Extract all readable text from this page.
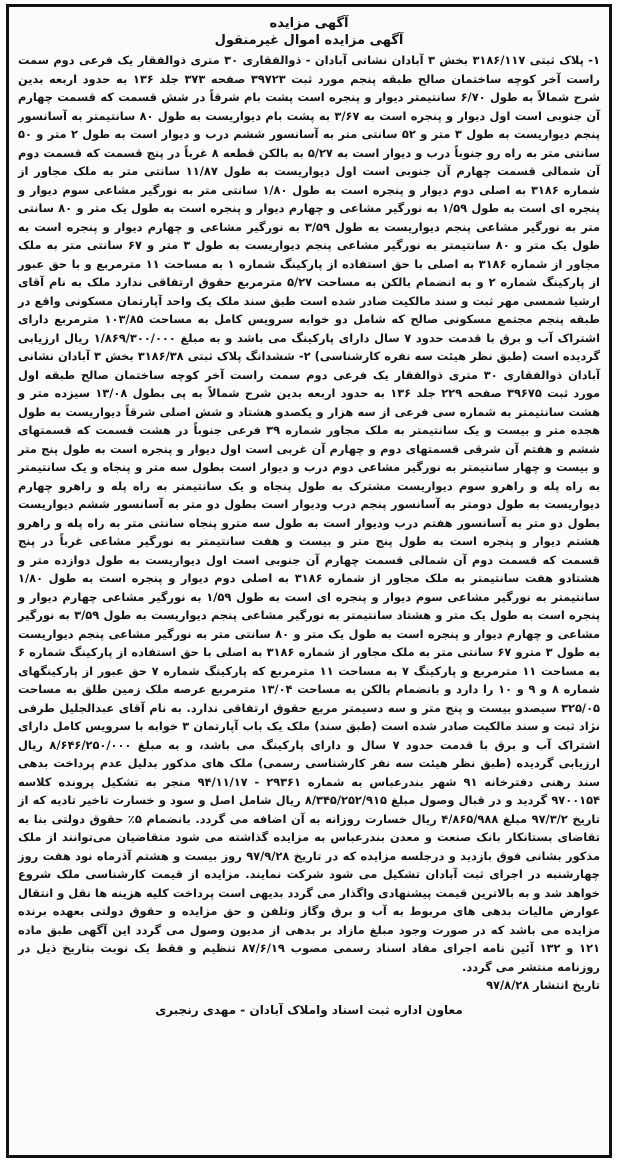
آگهی مزایده

آگهی مزایده اموال غیرمنقول

۱- پلاک ثبتی ۳۱۸۶/۱۱۷ بخش ۳ آبادان نشانی آبادان - ذوالفقاری ۳۰ متری ذوالفقار یک فرعی دوم سمت راست آخر کوچه ساختمان صالح طبقه پنجم مورد ثبت ۳۹۷۲۳ صفحه ۳۷۳ جلد ۱۳۶ به حدود اربعه بدین شرح شمالاً به طول ۶/۷۰ سانتیمتر دیوار و پنجره است پشت بام شرقاً در شش قسمت که قسمت چهارم آن جنوبی است اول دیوار و پنجره است به ۳/۶۷ به پشت بام دیواریست به طول ۸۰ سانتیمتر به آسانسور پنجم دیواریست به طول ۳ متر و ۵۲ سانتی متر به آسانسور ششم درب و دیوار است به طول ۲ متر و ۵۰ سانتی متر به راه رو جنوباً درب و دیوار است به ۵/۲۷ به بالکن قطعه ۸ غرباً در پنج قسمت که قسمت دوم آن شمالی قسمت چهارم آن جنوبی است اول دیواریست به طول ۱۱/۸۷ سانتی متر به ملک مجاور از شماره ۳۱۸۶ به اصلی دوم دیوار و پنجره است به طول ۱/۸۰ سانتی متر به نورگیر مشاعی سوم دیوار و پنجره ای است به طول ۱/۵۹ به نورگیر مشاعی و چهارم دیوار و پنجره است به طول یک متر و ۸۰ سانتی متر به نورگیر مشاعی پنجم دیواریست به طول ۳/۵۹ به نورگیر مشاعی و چهارم دیوار و پنجره است به طول یک متر و ۸۰ سانتیمتر به نورگیر مشاعی پنجم دیواریست به طول ۳ متر و ۶۷ سانتی متر به ملک مجاور از شماره ۳۱۸۶ به اصلی با حق استفاده از پارکینگ شماره ۱ به مساحت ۱۱ مترمربع و با حق عبور از پارکینگ شماره ۲ و به انضمام بالکن به مساحت ۵/۲۷ مترمربع حقوق ارتفاقی ندارد ملک به نام آقای ارشیا شمسی مهر ثبت و سند مالکیت صادر شده است طبق سند ملک یک واحد آپارتمان مسکونی واقع در طبقه پنجم مجتمع مسکونی صالح که شامل دو خوابه سرویس کامل به مساحت ۱۰۳/۸۵ مترمربع دارای اشتراک آب و برق با قدمت حدود ۷ سال دارای پارکینگ می باشد و به مبلغ ۱/۸۶۹/۳۰۰/۰۰۰ ریال ارزیابی گردیده است (طبق نظر هیئت سه نفره کارشناسی) ۲- ششدانگ پلاک ثبتی ۳۱۸۶/۳۸ بخش ۳ آبادان نشانی آبادان ذوالفقاری ۳۰ متری ذوالفقار یک فرعی دوم سمت راست آخر کوچه ساختمان صالح طبقه اول مورد ثبت ۳۹۶۷۵ صفحه ۲۲۹ جلد ۱۳۶ به حدود اربعه بدین شرح شمالاً به پی بطول ۱۳/۰۸ سیزده متر و هشت سانتیمتر به شماره سی فرعی از سه هزار و یکصدو هشتاد و شش اصلی شرقاً دیواریست به طول هجده متر و بیست و یک سانتیمتر به ملک مجاور شماره ۳۹ فرعی جنوباً در هشت قسمت که قسمتهای ششم و هفتم آن شرقی قسمتهای دوم و چهارم آن غربی است اول دیوار و پنجره است به طول پنج متر و بیست و چهار سانتیمتر به نورگیر مشاعی دوم درب و دیوار است بطول سه متر و پنجاه و یک سانتیمتر به راه پله و راهرو سوم دیواریست مشترک به طول پنجاه و یک سانتیمتر به راه پله و راهرو چهارم دیواریست به طول دومتر به آسانسور پنجم درب ودیوار است بطول دو متر به آسانسور ششم دیواریست بطول دو متر به آسانسور هفتم درب ودیوار است به طول سه مترو پنجاه سانتی متر به راه پله و راهرو هشتم دیوار و پنجره است به طول پنج متر و بیست و هفت سانتیمتر به نورگیر مشاعی غرباً در پنج قسمت که قسمت دوم آن شمالی قسمت چهارم آن جنوبی است اول دیواریست به طول دوازده متر و هشتادو هفت سانتیمتر به ملک مجاور از شماره ۳۱۸۶ به اصلی دوم دیوار و پنجره است به طول ۱/۸۰ سانتیمتر به نورگیر مشاعی سوم دیوار و پنجره ای است به طول ۱/۵۹ به نورگیر مشاعی چهارم دیوار و پنجره است به طول یک متر و هشتاد سانتیمتر به نورگیر مشاعی پنجم دیواریست به طول ۳/۵۹ به نورگیر مشاعی و چهارم دیوار و پنجره است به طول یک متر و ۸۰ سانتی متر به نورگیر مشاعی پنجم دیواریست به طول ۳ مترو ۶۷ سانتی متر به ملک مجاور از شماره ۳۱۸۶ به اصلی با حق استفاده از پارکینگ شماره ۶ به مساحت ۱۱ مترمربع و پارکینگ ۷ به مساحت ۱۱ مترمربع که پارکینگ شماره ۷ حق عبور از پارکینگهای شماره ۸ و ۹ و ۱۰ را دارد و بانضمام بالکن به مساحت ۱۳/۰۴ مترمربع عرصه ملک زمین طلق به مساحت ۳۲۵/۰۵ سیصدو بیست و پنج متر و سه دسیمتر مربع حقوق ارتفاقی ندارد. به نام آقای عبدالجلیل طرفی نژاد ثبت و سند مالکیت صادر شده است (طبق سند) ملک یک باب آپارتمان ۳ خوابه با سرویس کامل دارای اشتراک آب و برق با قدمت حدود ۷ سال و دارای پارکینگ می باشد، و به مبلغ ۸/۶۴۶/۲۵۰/۰۰۰ ریال ارزیابی گردیده (طبق نظر هیئت سه نفر کارشناسی رسمی) ملک های مذکور بدلیل عدم پرداخت بدهی سند رهنی دفترخانه ۹۱ شهر بندرعباس به شماره ۲۹۳۶۱ - ۹۴/۱۱/۱۷ منجر به تشکیل پرونده کلاسه ۹۷۰۰۱۵۴ گردید و در قبال وصول مبلغ ۸/۳۴۵/۲۵۲/۹۱۵ ریال شامل اصل و سود و خسارت تاخیر تادیه که از تاریخ ۹۷/۳/۲ مبلغ ۴/۸۶۵/۹۸۸ ریال خسارت روزانه به آن اضافه می گردد. بانضمام ۵٪ حقوق دولتی بنا به تقاضای بستانکار بانک صنعت و معدن بندرعباس به مزایده گذاشته می شود متقاضیان می‌توانند از ملک مذکور بشانی فوق بازدید و درجلسه مزایده که در تاریخ ۹۷/۹/۲۸ روز بیست و هشتم آذرماه نود هفت روز چهارشنبه در اجرای ثبت آبادان تشکیل می شود شرکت نمایند. مزایده از قیمت کارشناسی ملک شروع خواهد شد و به بالاترین قیمت پیشنهادی واگذار می گردد بدیهی است پرداخت کلیه هزینه ها نقل و انتقال عوارض مالیات بدهی های مربوط به آب و برق وگاز وتلفن و حق مزایده و حقوق دولتی بعهده برنده مزایده می باشد که در صورت وجود مبلغ مازاد بر بدهی از مدیون وصول می گردد این آگهی طبق ماده ۱۲۱ و ۱۳۲ آئین نامه اجرای مفاد اسناد رسمی مصوب ۸۷/۶/۱۹ تنظیم و فقط یک نوبت بتاریخ ذیل در روزنامه منتشر می گردد.

تاریخ انتشار ۹۷/۸/۲۸

معاون اداره ثبت اسناد واملاک آبادان - مهدی رنجبری
